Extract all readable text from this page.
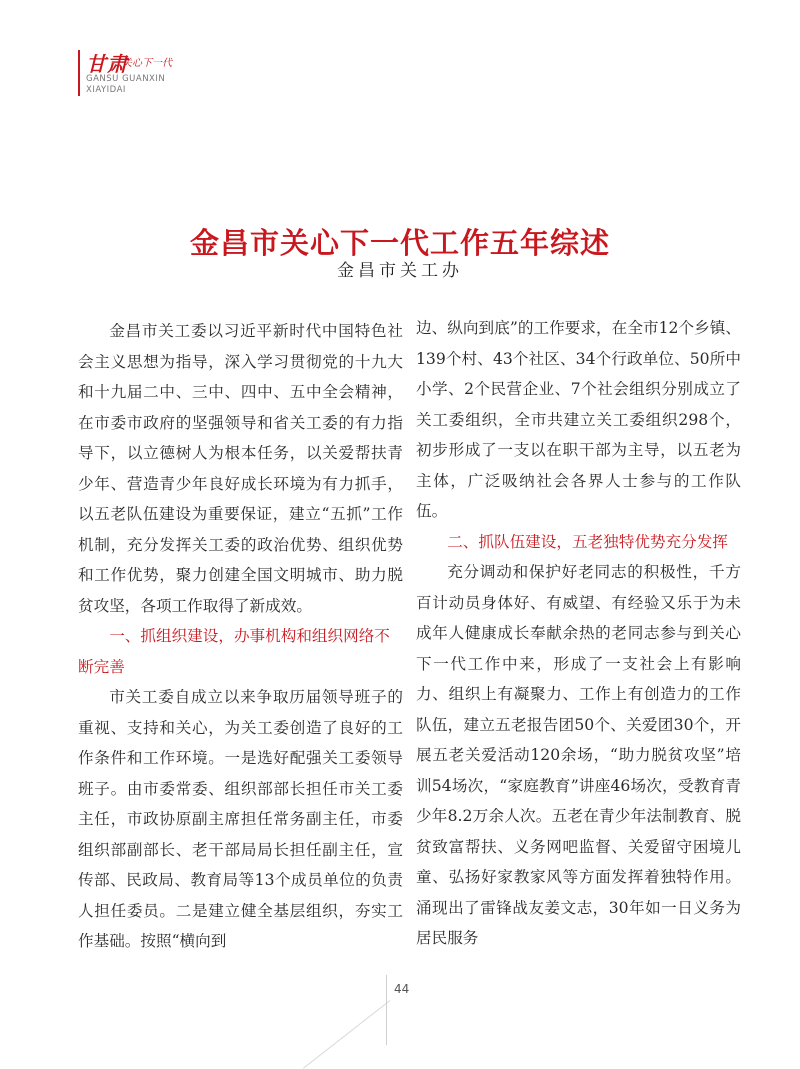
甘肃
关心下一代
GANSU GUANXIN
XIAYIDAI
金昌市关心下一代工作五年综述
金昌市关工办

金昌市关工委以习近平新时代中国特色社会主义思想为指导，深入学习贯彻党的十九大和十九届二中、三中、四中、五中全会精神，在市委市政府的坚强领导和省关工委的有力指导下，以立德树人为根本任务，以关爱帮扶青少年、营造青少年良好成长环境为有力抓手，以五老队伍建设为重要保证，建立“五抓”工作机制，充分发挥关工委的政治优势、组织优势和工作优势，聚力创建全国文明城市、助力脱贫攻坚，各项工作取得了新成效。

一、抓组织建设，办事机构和组织网络不断完善

市关工委自成立以来争取历届领导班子的重视、支持和关心，为关工委创造了良好的工作条件和工作环境。一是选好配强关工委领导班子。由市委常委、组织部部长担任市关工委主任，市政协原副主席担任常务副主任，市委组织部副部长、老干部局局长担任副主任，宣传部、民政局、教育局等13个成员单位的负责人担任委员。二是建立健全基层组织，夯实工作基础。按照“横向到

边、纵向到底”的工作要求，在全市12个乡镇、139个村、43个社区、34个行政单位、50所中小学、2个民营企业、7个社会组织分别成立了关工委组织，全市共建立关工委组织298个，初步形成了一支以在职干部为主导，以五老为主体，广泛吸纳社会各界人士参与的工作队伍。

二、抓队伍建设，五老独特优势充分发挥

充分调动和保护好老同志的积极性，千方百计动员身体好、有威望、有经验又乐于为未成年人健康成长奉献余热的老同志参与到关心下一代工作中来，形成了一支社会上有影响力、组织上有凝聚力、工作上有创造力的工作队伍，建立五老报告团50个、关爱团30个，开展五老关爱活动120余场，“助力脱贫攻坚”培训54场次，“家庭教育”讲座46场次，受教育青少年8.2万余人次。五老在青少年法制教育、脱贫致富帮扶、义务网吧监督、关爱留守困境儿童、弘扬好家教家风等方面发挥着独特作用。涌现出了雷锋战友姜文志，30年如一日义务为居民服务

44
